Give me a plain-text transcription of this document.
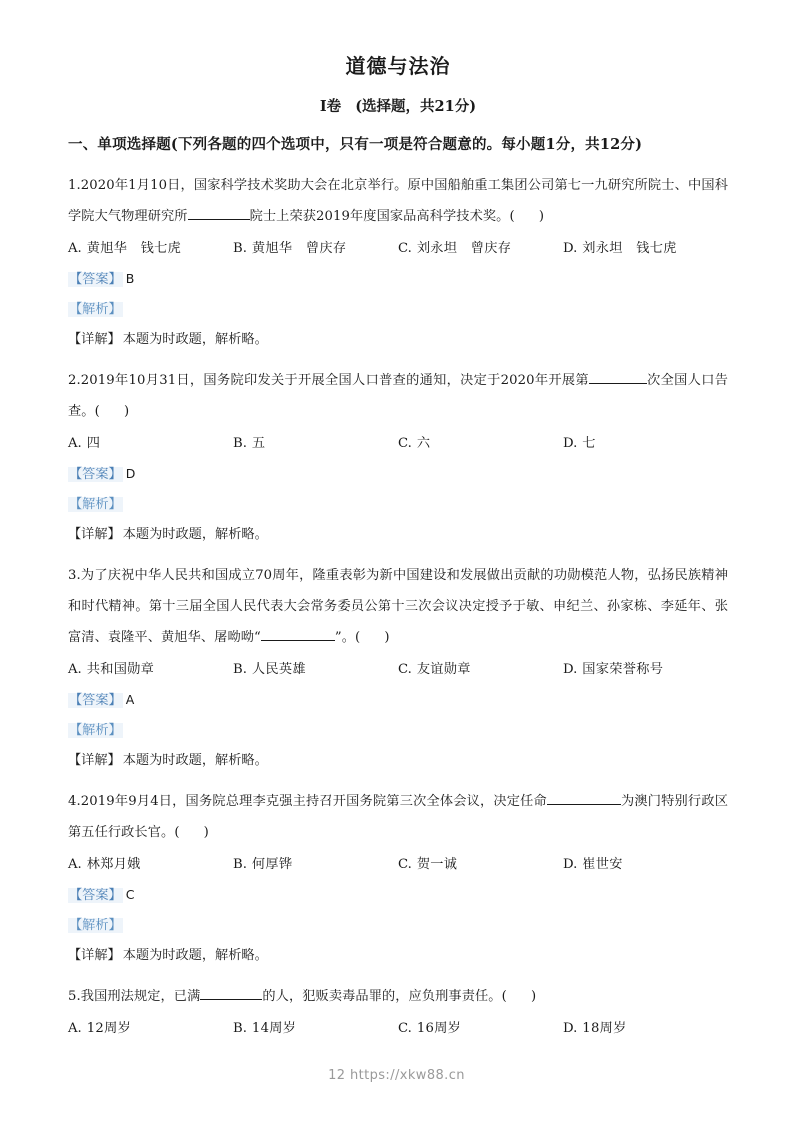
道德与法治
Ⅰ卷 (选择题，共21分)
一、单项选择题(下列各题的四个选项中，只有一项是符合题意的。每小题1分，共12分)

1.2020年1月10日，国家科学技术奖助大会在北京举行。原中国船舶重工集团公司第七一九研究所院士、中国科学院大气物理研究所	院士上荣获2019年度国家品高科学技术奖。( )

A. 黄旭华　钱七虎	B. 黄旭华　曾庆存	C. 刘永坦　曾庆存	D. 刘永坦　钱七虎

【答案】 B

【解析】

【详解】 本题为时政题，解析略。

2.2019年10月31日，国务院印发关于开展全国人口普查的通知，决定于2020年开展第	次全国人口告查。( )

A. 四	B. 五	C. 六	D. 七

【答案】 D

【解析】

【详解】 本题为时政题，解析略。

3.为了庆祝中华人民共和国成立70周年，隆重表彰为新中国建设和发展做出贡献的功勋模范人物，弘扬民族精神和时代精神。第十三届全国人民代表大会常务委员公第十三次会议决定授予于敏、申纪兰、孙家栋、李延年、张富清、袁隆平、黄旭华、屠呦呦“	”。( )

A. 共和国勋章	B. 人民英雄	C. 友谊勋章	D. 国家荣誉称号

【答案】 A

【解析】

【详解】 本题为时政题，解析略。

4.2019年9月4日，国务院总理李克强主持召开国务院第三次全体会议，决定任命	为澳门特别行政区第五任行政长官。( )

A. 林郑月娥	B. 何厚铧	C. 贺一诚	D. 崔世安

【答案】 C

【解析】

【详解】 本题为时政题，解析略。

5.我国刑法规定，已满	的人，犯贩卖毒品罪的，应负刑事责任。( )

A. 12周岁	B. 14周岁	C. 16周岁	D. 18周岁
12 https://xkw88.cn
